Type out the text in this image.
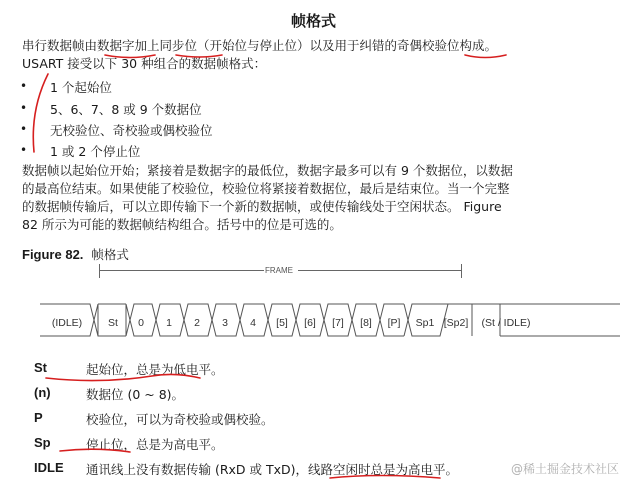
帧格式
串行数据帧由数据字加上同步位（开始位与停止位）以及用于纠错的奇偶校验位构成。
USART 接受以下 30 种组合的数据帧格式：
• 1 个起始位
• 5、6、7、8 或 9 个数据位
• 无校验位、奇校验或偶校验位
• 1 或 2 个停止位
数据帧以起始位开始；紧接着是数据字的最低位，数据字最多可以有 9 个数据位，以数据
的最高位结束。如果使能了校验位，校验位将紧接着数据位，最后是结束位。当一个完整
的数据帧传输后，可以立即传输下一个新的数据帧，或使传输线处于空闲状态。 Figure
82 所示为可能的数据帧结构组合。括号中的位是可选的。
Figure 82. 帧格式
FRAME
(IDLE)	St	0	1	2	3	4	[5]	[6]	[7]	[8]	[P]	Sp1 [Sp2]	(St / IDLE)
St	起始位，总是为低电平。
(n)	数据位 (0 ~ 8)。
P	校验位，可以为奇校验或偶校验。
Sp	停止位，总是为高电平。
IDLE 通讯线上没有数据传输 (RxD 或 TxD)，线路空闲时总是为高电平。	@稀土掘金技术社区
